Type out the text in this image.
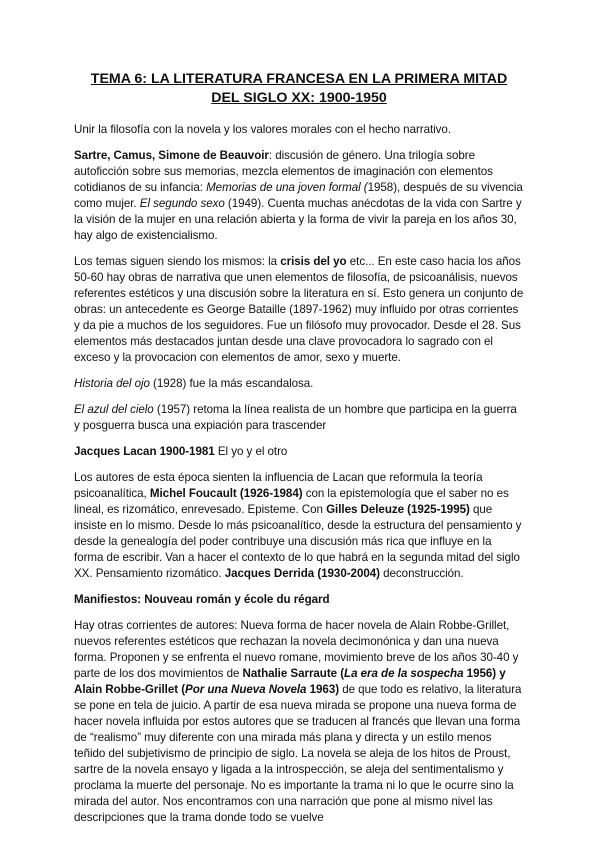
TEMA 6: LA LITERATURA FRANCESA EN LA PRIMERA MITAD DEL SIGLO XX: 1900-1950

Unir la filosofía con la novela y los valores morales con el hecho narrativo.

Sartre, Camus, Simone de Beauvoir: discusión de género. Una trilogía sobre autoficción sobre sus memorias, mezcla elementos de imaginación con elementos cotidianos de su infancia: Memorias de una joven formal (1958), después de su vivencia como mujer. El segundo sexo (1949). Cuenta muchas anécdotas de la vida con Sartre y la visión de la mujer en una relación abierta y la forma de vivir la pareja en los años 30, hay algo de existencialismo.

Los temas siguen siendo los mismos: la crisis del yo etc... En este caso hacia los años 50-60 hay obras de narrativa que unen elementos de filosofía, de psicoanálisis, nuevos referentes estéticos y una discusión sobre la literatura en sí. Esto genera un conjunto de obras: un antecedente es George Bataille (1897-1962) muy influido por otras corrientes y da pie a muchos de los seguidores. Fue un filósofo muy provocador. Desde el 28. Sus elementos más destacados juntan desde una clave provocadora lo sagrado con el exceso y la provocacion con elementos de amor, sexo y muerte.

Historia del ojo (1928) fue la más escandalosa.

El azul del cielo (1957) retoma la línea realista de un hombre que participa en la guerra y posguerra busca una expiación para trascender

Jacques Lacan 1900-1981 El yo y el otro

Los autores de esta época sienten la influencia de Lacan que reformula la teoría psicoanalítica, Michel Foucault (1926-1984) con la epistemología que el saber no es lineal, es rizomático, enrevesado. Episteme. Con Gilles Deleuze (1925-1995) que insiste en lo mismo. Desde lo más psicoanalítico, desde la estructura del pensamiento y desde la genealogía del poder contribuye una discusión más rica que influye en la forma de escribir. Van a hacer el contexto de lo que habrá en la segunda mitad del siglo XX. Pensamiento rizomático. Jacques Derrida (1930-2004) deconstrucción.

Manifiestos: Nouveau román y école du régard

Hay otras corrientes de autores: Nueva forma de hacer novela de Alain Robbe-Grillet, nuevos referentes estéticos que rechazan la novela decimonónica y dan una nueva forma. Proponen y se enfrenta el nuevo romane, movimiento breve de los años 30-40 y parte de los dos movimientos de Nathalie Sarraute (La era de la sospecha 1956) y Alain Robbe-Grillet (Por una Nueva Novela 1963) de que todo es relativo, la literatura se pone en tela de juicio. A partir de esa nueva mirada se propone una nueva forma de hacer novela influida por estos autores que se traducen al francés que llevan una forma de “realismo” muy diferente con una mirada más plana y directa y un estilo menos teñido del subjetivismo de principio de siglo. La novela se aleja de los hitos de Proust, sartre de la novela ensayo y ligada a la introspección, se aleja del sentimentalismo y proclama la muerte del personaje. No es importante la trama ni lo que le ocurre sino la mirada del autor. Nos encontramos con una narración que pone al mismo nivel las descripciones que la trama donde todo se vuelve
